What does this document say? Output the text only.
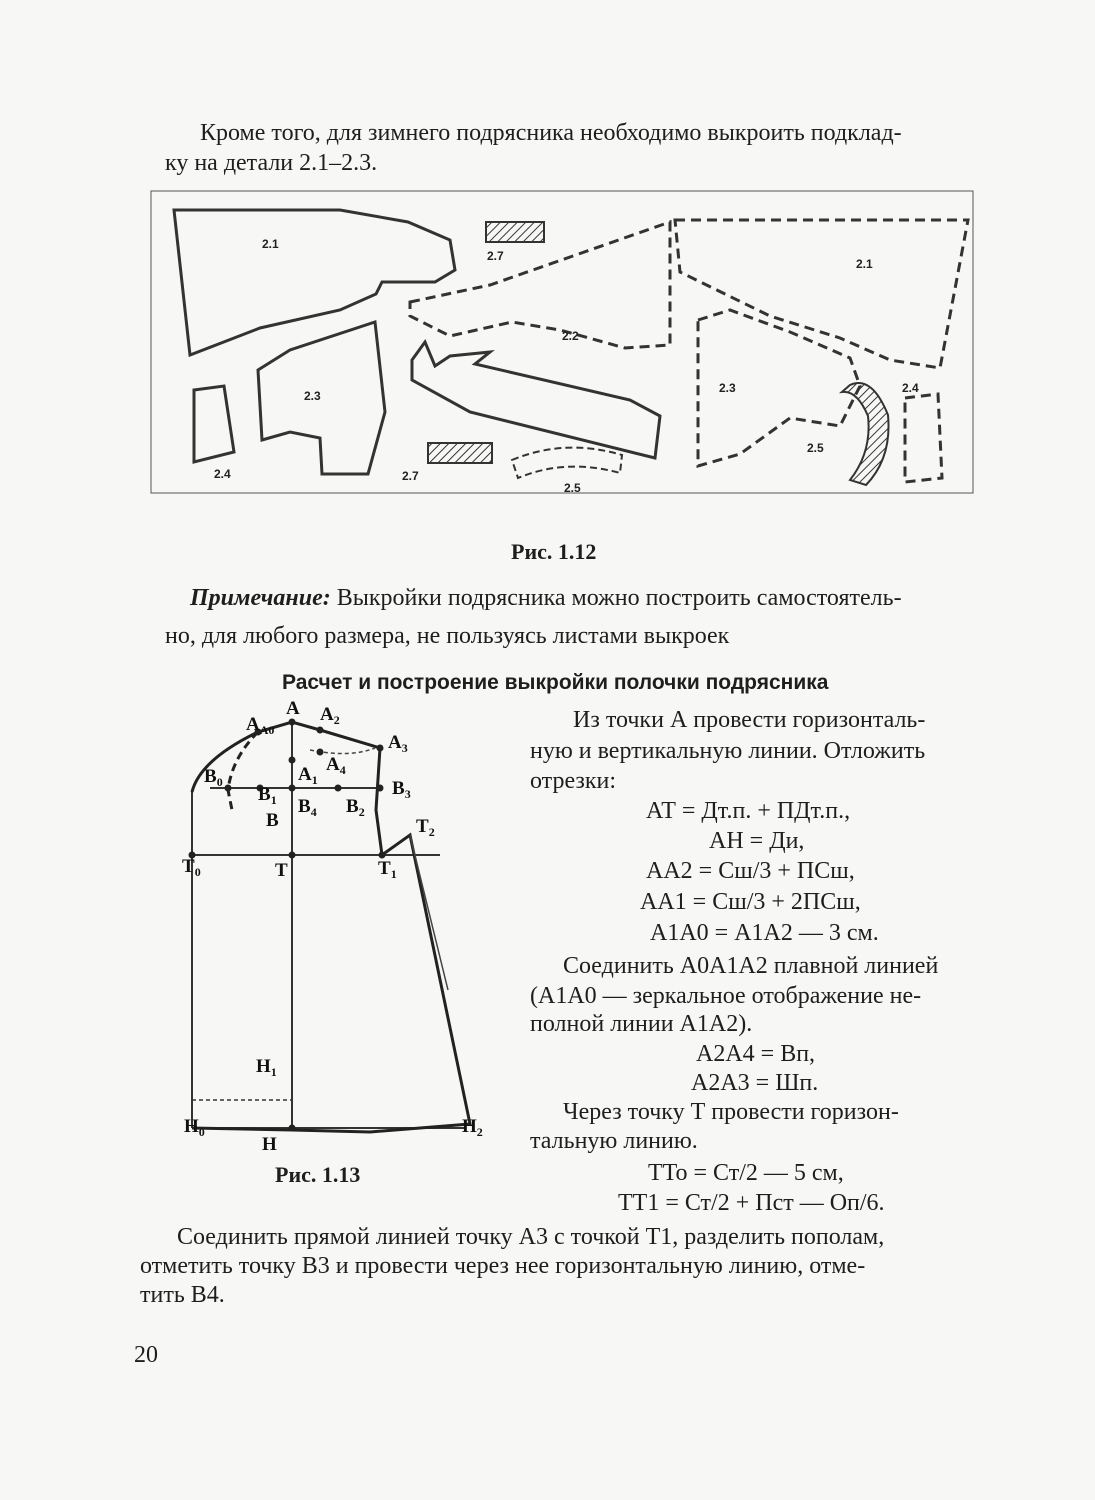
Кроме того, для зимнего подрясника необходимо выкроить подклад-
ку на детали 2.1–2.3.
2.1
2.7
2.2
2.1
2.3
2.3
2.4
2.4
2.7
2.5
2.5
Рис. 1.12
Примечание: Выкройки подрясника можно построить самостоятель-
но, для любого размера, не пользуясь листами выкроек
Расчет и построение выкройки полочки подрясника
$A_{A0}$
A $A_2$
$A_3$
$A_4$
$A_1$
$B_0$
$B_1$
B
$B_4$ $B_2$
$B_3$
$T_0$	T	$T_1$
$T_2$
$H_1$
$H_0$
H
$H_2$
Рис. 1.13
Из точки А провести горизонталь-
ную и вертикальную линии. Отложить
отрезки:
АТ = Дт.п. + ПДт.п.,
АН = Ди,
АА2 = Сш/3 + ПСш,
АА1 = Сш/3 + 2ПСш,
А1А0 = А1А2 — 3 см.
Соединить А0А1А2 плавной линией
(А1А0 — зеркальное отображение не-
полной линии А1А2).
А2А4 = Вп,
А2А3 = Шп.
Через точку Т провести горизон-
тальную линию.
ТТо = Ст/2 — 5 см,
ТТ1 = Ст/2 + Пст — Оп/6.
Соединить прямой линией точку А3 с точкой Т1, разделить пополам,
отметить точку В3 и провести через нее горизонтальную линию, отме-
тить В4.
20
